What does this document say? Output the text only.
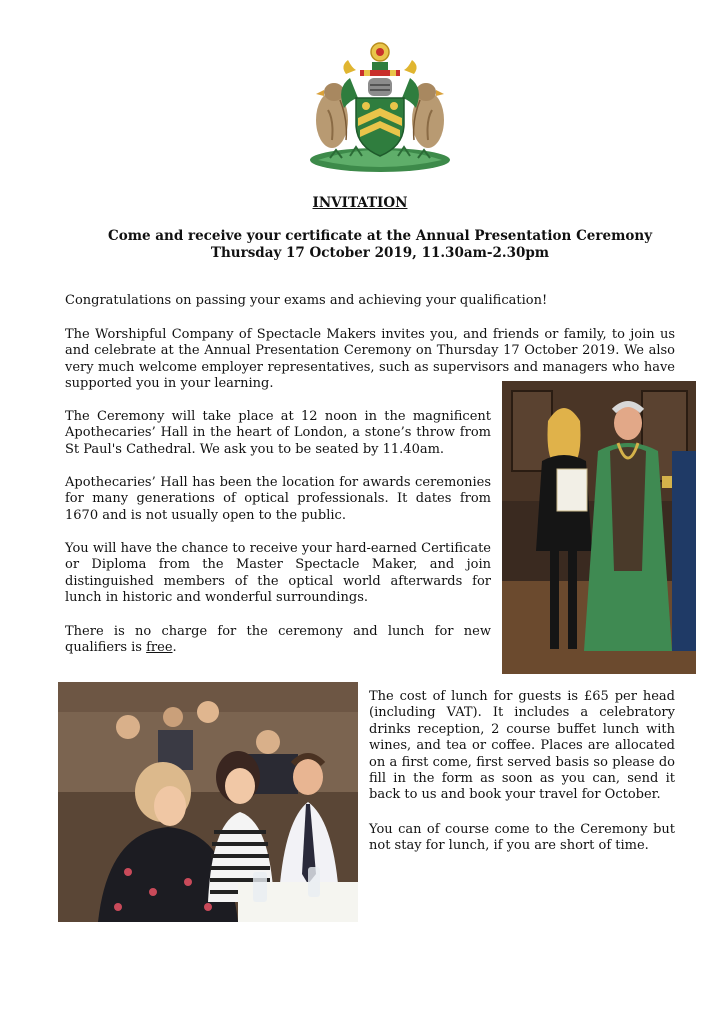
INVITATION
Come and receive your certificate at the Annual Presentation Ceremony
Thursday 17 October 2019, 11.30am-2.30pm

Congratulations on passing your exams and achieving your qualification!

The Worshipful Company of Spectacle Makers invites you, and friends or family, to join us and celebrate at the Annual Presentation Ceremony on Thursday 17 October 2019. We also very much welcome employer representatives, such as supervisors and managers who have supported you in your learning.

The Ceremony will take place at 12 noon in the magnificent Apothecaries’ Hall in the heart of London, a stone’s throw from St Paul's Cathedral. We ask you to be seated by 11.40am.

Apothecaries’ Hall has been the location for awards ceremonies for many generations of optical professionals. It dates from 1670 and is not usually open to the public.

You will have the chance to receive your hard-earned Certificate or Diploma from the Master Spectacle Maker, and join distinguished members of the optical world afterwards for lunch in historic and wonderful surroundings.

There is no charge for the ceremony and lunch for new qualifiers is free.

The cost of lunch for guests is £65 per head (including VAT). It includes a celebratory drinks reception, 2 course buffet lunch with wines, and tea or coffee. Places are allocated on a first come, first served basis so please do fill in the form as soon as you can, send it back to us and book your travel for October.

You can of course come to the Ceremony but not stay for lunch, if you are short of time.
